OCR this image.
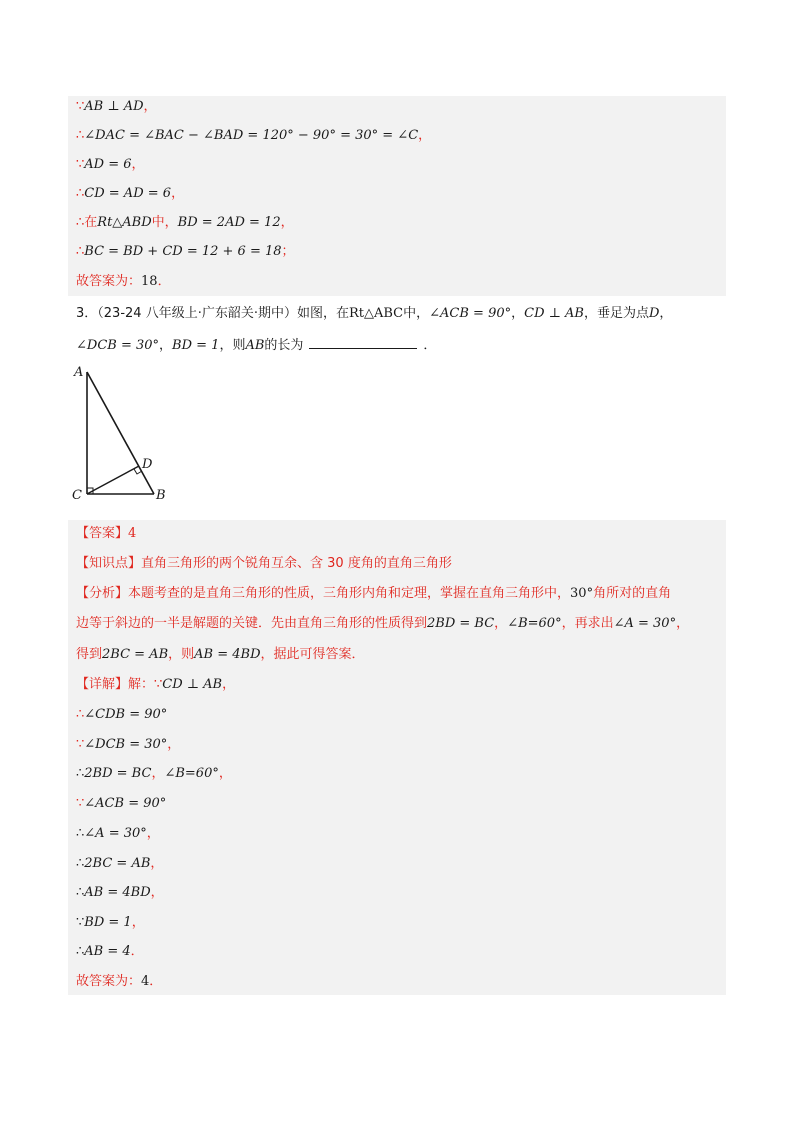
∵AB ⊥ AD，
∴∠DAC = ∠BAC − ∠BAD = 120° − 90° = 30° = ∠C，
∵AD = 6，
∴CD = AD = 6，
∴在Rt△ABD中，BD = 2AD = 12，
∴BC = BD + CD = 12 + 6 = 18；
故答案为：18．
3．（23-24 八年级上·广东韶关·期中）如图，在Rt△ABC中，∠ACB = 90°，CD ⊥ AB，垂足为点D，
∠DCB = 30°，BD = 1，则AB的长为	．
A
D
C	B
【答案】4
【知识点】直角三角形的两个锐角互余、含 30 度角的直角三角形
【分析】本题考查的是直角三角形的性质，三角形内角和定理，掌握在直角三角形中，30°角所对的直角
边等于斜边的一半是解题的关键．先由直角三角形的性质得到2BD = BC，∠B=60°，再求出∠A = 30°，
得到2BC = AB，则AB = 4BD，据此可得答案．
【详解】解：∵CD ⊥ AB，
∴∠CDB = 90°
∵∠DCB = 30°，
∴2BD = BC，∠B=60°，
∵∠ACB = 90°
∴∠A = 30°，
∴2BC = AB，
∴AB = 4BD，
∵BD = 1，
∴AB = 4．
故答案为：4．
